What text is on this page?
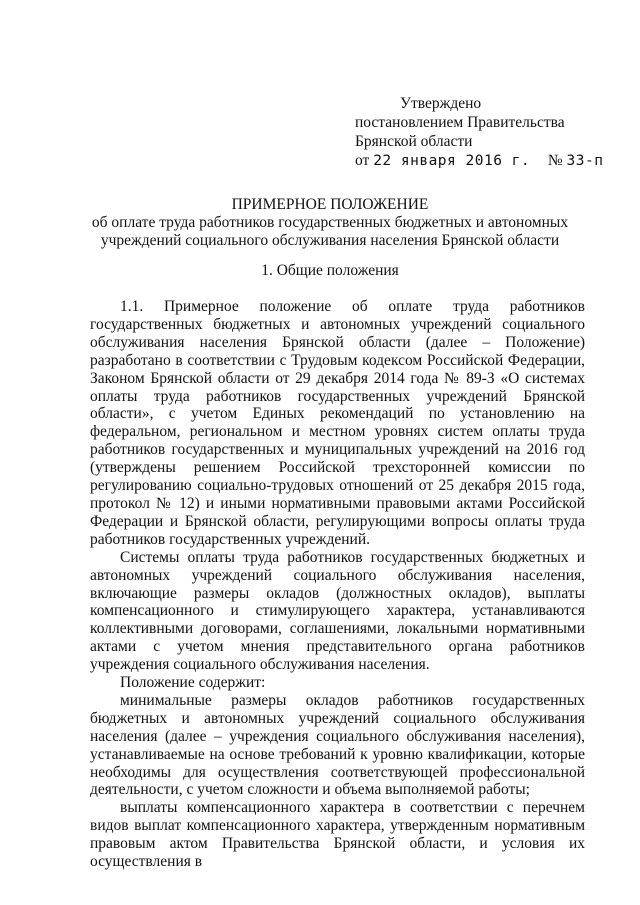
Утверждено
постановлением Правительства
Брянской области
от 22 января 2016 г. № 33-п
ПРИМЕРНОЕ ПОЛОЖЕНИЕ
об оплате труда работников государственных бюджетных и автономных
учреждений социального обслуживания населения Брянской области
1. Общие положения

1.1. Примерное положение об оплате труда работников государственных бюджетных и автономных учреждений социального обслуживания населения Брянской области (далее – Положение) разработано в соответствии с Трудовым кодексом Российской Федерации, Законом Брянской области от 29 декабря 2014 года № 89-З «О системах оплаты труда работников государственных учреждений Брянской области», с учетом Единых рекомендаций по установлению на федеральном, региональном и местном уровнях систем оплаты труда работников государственных и муниципальных учреждений на 2016 год (утверждены решением Российской трехсторонней комиссии по регулированию социально-трудовых отношений от 25 декабря 2015 года, протокол № 12) и иными нормативными правовыми актами Российской Федерации и Брянской области, регулирующими вопросы оплаты труда работников государственных учреждений.

Системы оплаты труда работников государственных бюджетных и автономных учреждений социального обслуживания населения, включающие размеры окладов (должностных окладов), выплаты компенсационного и стимулирующего характера, устанавливаются коллективными договорами, соглашениями, локальными нормативными актами с учетом мнения представительного органа работников учреждения социального обслуживания населения.

Положение содержит:

минимальные размеры окладов работников государственных бюджетных и автономных учреждений социального обслуживания населения (далее – учреждения социального обслуживания населения), устанавливаемые на основе требований к уровню квалификации, которые необходимы для осуществления соответствующей профессиональной деятельности, с учетом сложности и объема выполняемой работы;

выплаты компенсационного характера в соответствии с перечнем видов выплат компенсационного характера, утвержденным нормативным правовым актом Правительства Брянской области, и условия их осуществления в
